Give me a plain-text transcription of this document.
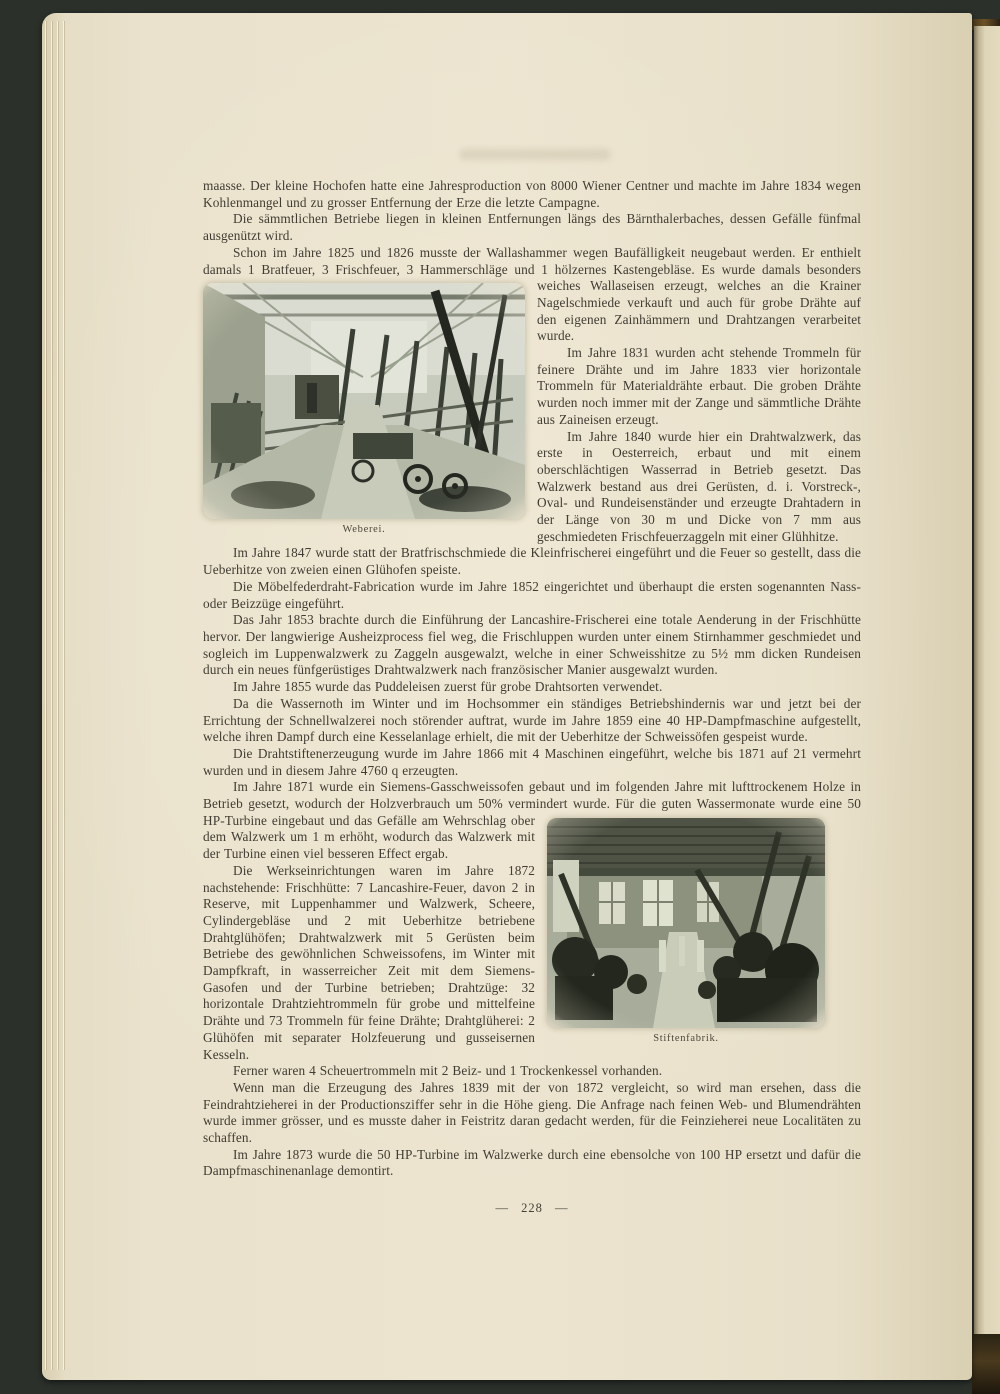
maasse. Der kleine Hochofen hatte eine Jahresproduction von 8000 Wiener Centner und machte im Jahre 1834 wegen Kohlenmangel und zu grosser Entfernung der Erze die letzte Campagne.

Die sämmtlichen Betriebe liegen in kleinen Entfernungen längs des Bärnthalerbaches, dessen Gefälle fünfmal ausgenützt wird.

Schon im Jahre 1825 und 1826 musste der Wallashammer wegen Baufälligkeit neugebaut werden. Er enthielt damals 1 Bratfeuer, 3 Frischfeuer, 3 Hammerschläge und 1 hölzernes Kastengebläse. Es wurde damals
Weberei.
besonders weiches Wallaseisen erzeugt, welches an die Krainer Nagelschmiede verkauft und auch für grobe Drähte auf den eigenen Zainhämmern und Drahtzangen verarbeitet wurde.

Im Jahre 1831 wurden acht stehende Trommeln für feinere Drähte und im Jahre 1833 vier horizontale Trommeln für Materialdrähte erbaut. Die groben Drähte wurden noch immer mit der Zange und sämmtliche Drähte aus Zaineisen erzeugt.

Im Jahre 1840 wurde hier ein Drahtwalzwerk, das erste in Oesterreich, erbaut und mit einem oberschlächtigen Wasserrad in Betrieb gesetzt. Das Walzwerk bestand aus drei Gerüsten, d. i. Vorstreck-, Oval- und Rundeisenständer und erzeugte Drahtadern in der Länge von 30 m und Dicke von 7 mm aus geschmiedeten Frischfeuerzaggeln mit einer Glühhitze.

Im Jahre 1847 wurde statt der Bratfrischschmiede die Kleinfrischerei eingeführt und die Feuer so gestellt, dass die Ueberhitze von zweien einen Glühofen speiste.

Die Möbelfederdraht-Fabrication wurde im Jahre 1852 eingerichtet und überhaupt die ersten sogenannten Nass- oder Beizzüge eingeführt.

Das Jahr 1853 brachte durch die Einführung der Lancashire-Frischerei eine totale Aenderung in der Frischhütte hervor. Der langwierige Ausheizprocess fiel weg, die Frischluppen wurden unter einem Stirnhammer geschmiedet und sogleich im Luppenwalzwerk zu Zaggeln ausgewalzt, welche in einer Schweisshitze zu 5½ mm dicken Rundeisen durch ein neues fünfgerüstiges Drahtwalzwerk nach französischer Manier ausgewalzt wurden.

Im Jahre 1855 wurde das Puddeleisen zuerst für grobe Drahtsorten verwendet.

Da die Wassernoth im Winter und im Hochsommer ein ständiges Betriebshindernis war und jetzt bei der Errichtung der Schnellwalzerei noch störender auftrat, wurde im Jahre 1859 eine 40 HP-Dampfmaschine aufgestellt, welche ihren Dampf durch eine Kesselanlage erhielt, die mit der Ueberhitze der Schweissöfen gespeist wurde.

Die Drahtstiftenerzeugung wurde im Jahre 1866 mit 4 Maschinen eingeführt, welche bis 1871 auf 21 vermehrt wurden und in diesem Jahre 4760 q erzeugten.

Im Jahre 1871 wurde ein Siemens-Gasschweissofen gebaut und im folgenden Jahre mit lufttrockenem Holze in Betrieb gesetzt, wodurch der Holzverbrauch um 50% vermindert wurde. Für die guten Wassermonate wurde eine
Stiftenfabrik.
50 HP-Turbine eingebaut und das Gefälle am Wehrschlag ober dem Walzwerk um 1 m erhöht, wodurch das Walzwerk mit der Turbine einen viel besseren Effect ergab.

Die Werkseinrichtungen waren im Jahre 1872 nachstehende: Frischhütte: 7 Lancashire-Feuer, davon 2 in Reserve, mit Luppenhammer und Walzwerk, Scheere, Cylindergebläse und 2 mit Ueberhitze betriebene Drahtglühöfen; Drahtwalzwerk mit 5 Gerüsten beim Betriebe des gewöhnlichen Schweissofens, im Winter mit Dampfkraft, in wasserreicher Zeit mit dem Siemens-Gasofen und der Turbine betrieben; Drahtzüge: 32 horizontale Drahtziehtrommeln für grobe und mittelfeine Drähte und 73 Trommeln für feine Drähte; Drahtglüherei: 2 Glühöfen mit separater Holzfeuerung und gusseisernen Kesseln.

Ferner waren 4 Scheuertrommeln mit 2 Beiz- und 1 Trockenkessel vorhanden.

Wenn man die Erzeugung des Jahres 1839 mit der von 1872 vergleicht, so wird man ersehen, dass die Feindrahtzieherei in der Productionsziffer sehr in die Höhe gieng. Die Anfrage nach feinen Web- und Blumendrähten wurde immer grösser, und es musste daher in Feistritz daran gedacht werden, für die Feinzieherei neue Localitäten zu schaffen.

Im Jahre 1873 wurde die 50 HP-Turbine im Walzwerke durch eine ebensolche von 100 HP ersetzt und dafür die Dampfmaschinenanlage demontirt.

— 228 —
